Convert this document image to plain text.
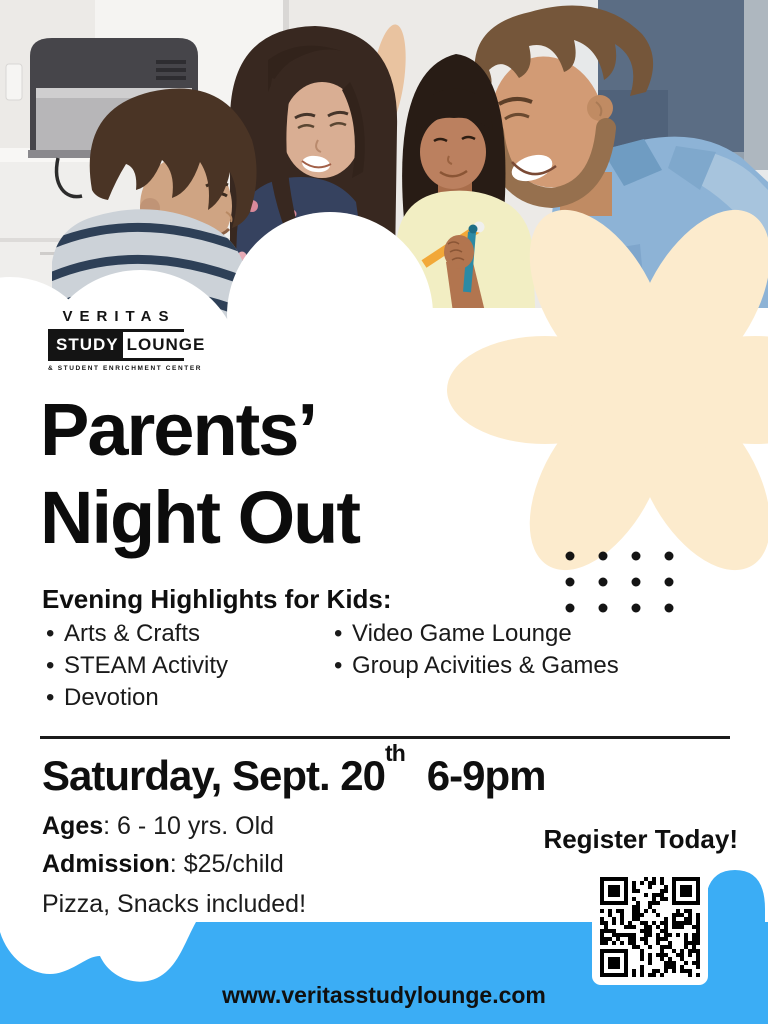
VERITAS
STUDY LOUNGE
& STUDENT ENRICHMENT CENTER
Parents’
Night Out
Evening Highlights for Kids:
•
Arts & Crafts
•
STEAM Activity
•
Devotion
•
Video Game Lounge
•
Group Acivities & Games
Saturday, Sept. 20th 6-9pm
Ages: 6 - 10 yrs. Old
Admission: $25/child
Pizza, Snacks included!
Register Today!
www.veritasstudylounge.com
